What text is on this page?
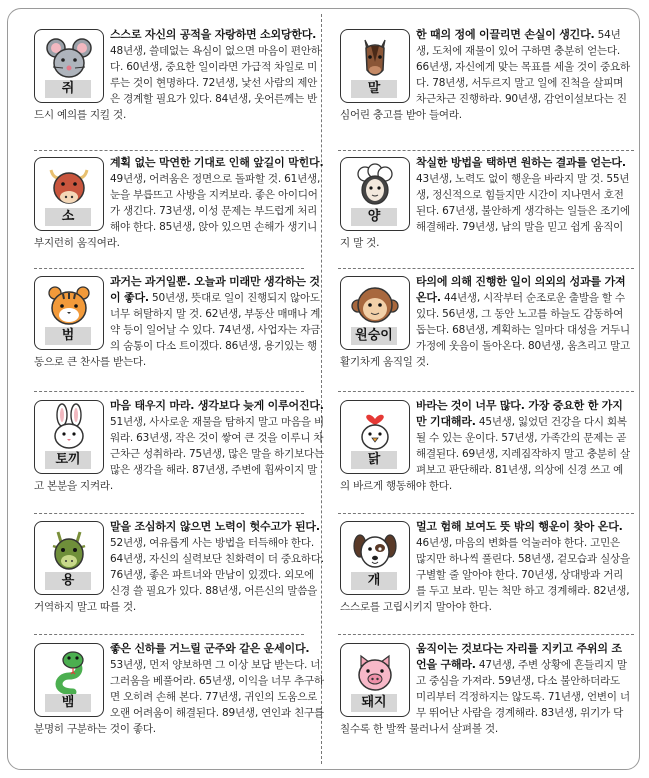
쥐
스스로 자신의 공적을 자랑하면 소외당한다. 48년생, 쓸데없는 욕심이 없으면 마음이 편안하다. 60년생, 중요한 일이라면 가급적 차일로 미루는 것이 현명하다. 72년생, 낯선 사람의 제안은 경계할 필요가 있다. 84년생, 웃어른께는 반드시 예의를 지킬 것.
말
한 때의 정에 이끌리면 손실이 생긴다. 54년생, 도처에 재물이 있어 구하면 충분히 얻는다. 66년생, 자신에게 맞는 목표를 세울 것이 중요하다. 78년생, 서두르지 말고 일에 진척을 살피며 차근차근 진행하라. 90년생, 감언이설보다는 진심어린 충고를 받아 들여라.
소
계획 없는 막연한 기대로 인해 앞길이 막힌다. 49년생, 어려움은 정면으로 돌파할 것. 61년생, 눈을 부릅뜨고 사방을 지켜보라. 좋은 아이디어가 생긴다. 73년생, 이성 문제는 부드럽게 처리해야 한다. 85년생, 앉아 있으면 손해가 생기니 부지런히 움직여라.
양
착실한 방법을 택하면 원하는 결과를 얻는다. 43년생, 노력도 없이 행운을 바라지 말 것. 55년생, 정신적으로 힘들지만 시간이 지나면서 호전된다. 67년생, 불안하게 생각하는 일들은 조기에 해결해라. 79년생, 남의 말을 믿고 쉽게 움직이지 말 것.
범
과거는 과거일뿐. 오늘과 미래만 생각하는 것이 좋다. 50년생, 뜻대로 일이 진행되지 않아도 너무 허탈하지 말 것. 62년생, 부동산 매매나 계약 등이 일어날 수 있다. 74년생, 사업자는 자금의 숨통이 다소 트이겠다. 86년생, 용기있는 행동으로 큰 찬사를 받는다.
원숭이
타의에 의해 진행한 일이 의외의 성과를 가져온다. 44년생, 시작부터 순조로운 출발을 할 수 있다. 56년생, 그 동안 노고를 하늘도 감동하여 돕는다. 68년생, 계획하는 일마다 대성을 거두니 가정에 웃음이 돌아온다. 80년생, 움츠리고 말고 활기차게 움직일 것.
토끼
마음 태우지 마라. 생각보다 늦게 이루어진다. 51년생, 사사로운 재물을 탐하지 말고 마음을 비워라. 63년생, 작은 것이 쌓여 큰 것을 이루니 차근차근 성취하라. 75년생, 많은 말을 하기보다는 많은 생각을 해라. 87년생, 주변에 휩싸이지 말고 본분을 지켜라.
닭
바라는 것이 너무 많다. 가장 중요한 한 가지만 기대해라. 45년생, 잃었던 건강을 다시 회복될 수 있는 운이다. 57년생, 가족간의 문제는 곧 해결된다. 69년생, 지레짐작하지 말고 충분히 살펴보고 판단해라. 81년생, 의상에 신경 쓰고 예의 바르게 행동해야 한다.
용
말을 조심하지 않으면 노력이 헛수고가 된다. 52년생, 여유롭게 사는 방법을 터득해야 한다. 64년생, 자신의 실력보단 친화력이 더 중요하다. 76년생, 좋은 파트너와 만남이 있겠다. 외모에 신경 쓸 필요가 있다. 88년생, 어른신의 말씀을 거역하지 말고 따를 것.
개
멀고 험해 보여도 뜻 밖의 행운이 찾아 온다. 46년생, 마음의 변화를 억눌러야 한다. 고민은 많지만 하나씩 풀린다. 58년생, 겉모습과 실상을 구별할 줄 알아야 한다. 70년생, 상대방과 거리를 두고 보라. 믿는 척만 하고 경계해라. 82년생, 스스로를 고립시키지 말아야 한다.
뱀
좋은 신하를 거느릴 군주와 같은 운세이다. 53년생, 먼저 양보하면 그 이상 보답 받는다. 너그러움을 베풀어라. 65년생, 이익을 너무 추구하면 오히려 손해 본다. 77년생, 귀인의 도움으로 오랜 어려움이 해결된다. 89년생, 연인과 친구를 분명히 구분하는 것이 좋다.
돼지
움직이는 것보다는 자리를 지키고 주위의 조언을 구해라. 47년생, 주변 상황에 흔들리지 말고 중심을 가져라. 59년생, 다소 불안하더라도 미리부터 걱정하지는 않도록. 71년생, 언변이 너무 뛰어난 사람을 경계해라. 83년생, 위기가 닥칠수록 한 발짝 물러나서 살펴볼 것.
